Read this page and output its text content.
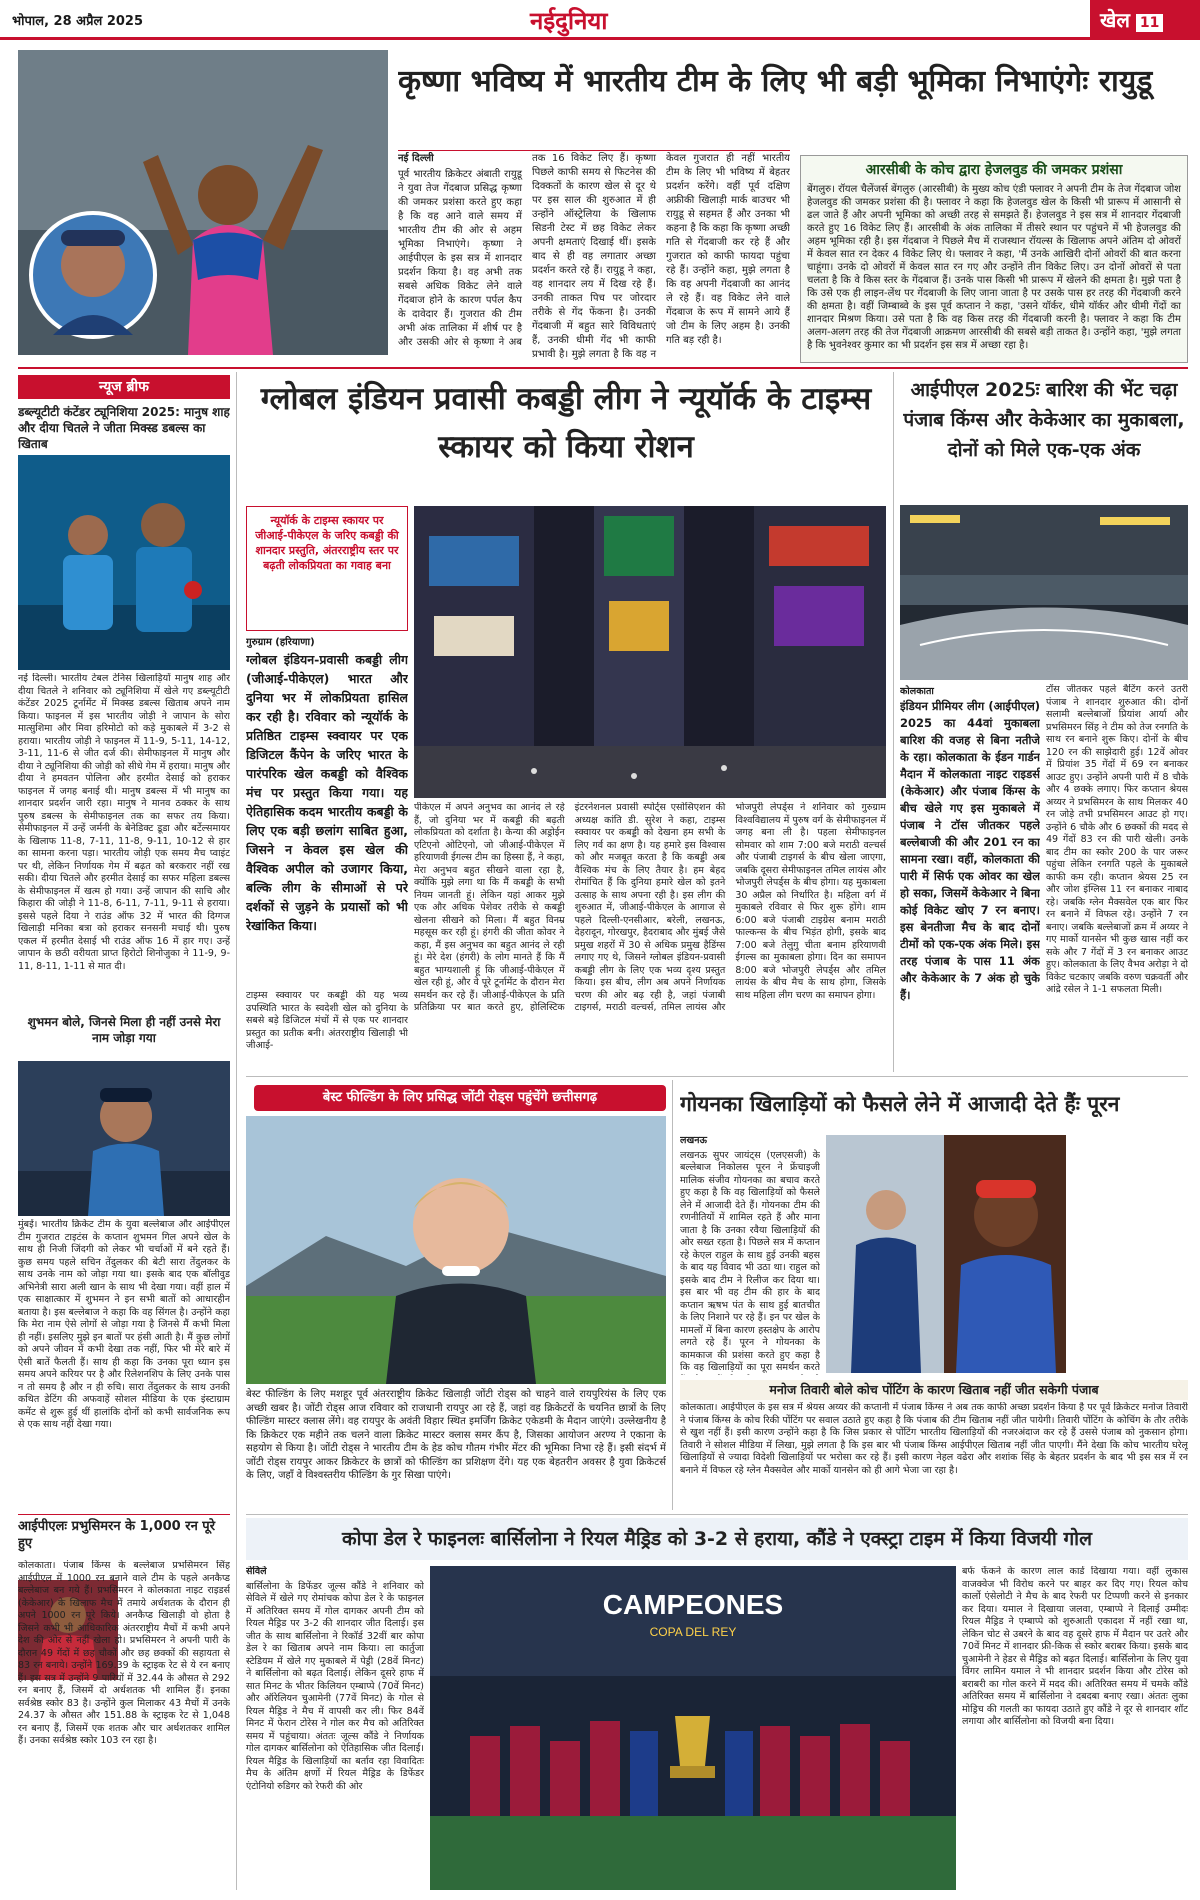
भोपाल, 28 अप्रैल 2025	नईदुनिया	खेल 11
कृष्णा भविष्य में भारतीय टीम के लिए भी बड़ी भूमिका निभाएंगेः रायुडू

नई दिल्ली

पूर्व भारतीय क्रिकेटर अंबाती रायुडू ने युवा तेज गेंदबाज प्रसिद्ध कृष्णा की जमकर प्रशंसा करते हुए कहा है कि वह आने वाले समय में भारतीय टीम की ओर से अहम भूमिका निभाएंगे। कृष्णा ने आईपीएल के इस सत्र में शानदार प्रदर्शन किया है। वह अभी तक सबसे अधिक विकेट लेने वाले गेंदबाज होने के कारण पर्पल कैप के दावेदार हैं। गुजरात की टीम अभी अंक तालिका में शीर्ष पर है और उसकी ओर से कृष्णा ने अब तक 16 विकेट लिए हैं। कृष्णा पिछले काफी समय से फिटनेस की दिक्कतों के कारण खेल से दूर थे पर इस साल की शुरुआत में ही उन्होंने ऑस्ट्रेलिया के खिलाफ सिडनी टेस्ट में छह विकेट लेकर अपनी क्षमताएं दिखाई थीं। इसके बाद से ही वह लगातार अच्छा प्रदर्शन करते रहे हैं। रायुडू ने कहा, वह शानदार लय में दिख रहे हैं। उनकी ताकत पिच पर जोरदार तरीके से गेंद फेंकना है। उनकी गेंदबाजी में बहुत सारे विविधताएं हैं, उनकी धीमी गेंद भी काफी प्रभावी है। मुझे लगता है कि वह न केवल गुजरात ही नहीं भारतीय टीम के लिए भी भविष्य में बेहतर प्रदर्शन करेंगे। वहीं पूर्व दक्षिण अफ्रीकी खिलाड़ी मार्क बाउचर भी रायुडू से सहमत हैं और उनका भी कहना है कि कहा कि कृष्णा अच्छी गति से गेंदबाजी कर रहे हैं और गुजरात को काफी फायदा पहुंचा रहे हैं। उन्होंने कहा, मुझे लगता है कि वह अपनी गेंदबाजी का आनंद ले रहे हैं। वह विकेट लेने वाले गेंदबाज के रूप में सामने आये हैं जो टीम के लिए अहम है। उनकी गति बड़ रही है।

आरसीबी के कोच द्वारा हेजलवुड की जमकर प्रशंसा
बेंगलुरु। रॉयल चैलेंजर्स बेंगलुरु (आरसीबी) के मुख्य कोच एंडी फ्लावर ने अपनी टीम के तेज गेंदबाज जोश हेजलवुड की जमकर प्रशंसा की है। फ्लावर ने कहा कि हेजलवुड खेल के किसी भी प्रारूप में आसानी से ढल जाते हैं और अपनी भूमिका को अच्छी तरह से समझते हैं। हेजलवुड ने इस सत्र में शानदार गेंदबाजी करते हुए 16 विकेट लिए हैं। आरसीबी के अंक तालिका में तीसरे स्थान पर पहुंचने में भी हेजलवुड की अहम भूमिका रही है। इस गेंदबाज ने पिछले मैच में राजस्थान रॉयल्स के खिलाफ अपने अंतिम दो ओवरों में केवल सात रन देकर 4 विकेट लिए थे। फ्लावर ने कहा, 'मैं उनके आखिरी दोनों ओवरों की बात करना चाहूंगा। उनके दो ओवरों में केवल सात रन गए और उन्होंने तीन विकेट लिए। उन दोनों ओवरों से पता चलता है कि वे किस स्तर के गेंदबाज हैं। उनके पास किसी भी प्रारूप में खेलने की क्षमता है। मुझे पता है कि उसे एक ही लाइन-लेंथ पर गेंदबाजी के लिए जाना जाता है पर उसके पास हर तरह की गेंदबाजी करने की क्षमता है। वहीं जिम्बाब्वे के इस पूर्व कप्तान ने कहा, 'उसने यॉर्कर, धीमे यॉर्कर और धीमी गेंदों का शानदार मिश्रण किया। उसे पता है कि वह किस तरह की गेंदबाजी करनी है। फ्लावर ने कहा कि टीम अलग-अलग तरह की तेज गेंदबाजी आक्रमण आरसीबी की सबसे बड़ी ताकत है। उन्होंने कहा, 'मुझे लगता है कि भुवनेश्वर कुमार का भी प्रदर्शन इस सत्र में अच्छा रहा है।
न्यूज ब्रीफ
डब्ल्यूटीटी कंटेंडर ट्यूनिशिया 2025: मानुष शाह और दीया चितले ने जीता मिक्स्ड डबल्स का खिताब

नई दिल्ली। भारतीय टेबल टेनिस खिलाड़ियों मानुष शाह और दीया चितले ने शनिवार को ट्यूनिशिया में खेले गए डब्ल्यूटीटी कंटेंडर 2025 टूर्नामेंट में मिक्स्ड डबल्स खिताब अपने नाम किया। फाइनल में इस भारतीय जोड़ी ने जापान के सोरा मात्सुशिमा और मिवा हरिमोटो को कड़े मुकाबले में 3-2 से हराया। भारतीय जोड़ी ने फाइनल में 11-9, 5-11, 14-12, 3-11, 11-6 से जीत दर्ज की। सेमीफाइनल में मानुष और दीया ने ट्यूनिशिया की जोड़ी को सीधे गेम में हराया। मानुष और दीया ने हमवतन पोलिना और हरमीत देसाई को हराकर फाइनल में जगह बनाई थी। मानुष डबल्स में भी मानुष का शानदार प्रदर्शन जारी रहा। मानुष ने मानव ठक्कर के साथ पुरुष डबल्स के सेमीफाइनल तक का सफर तय किया। सेमीफाइनल में उन्हें जर्मनी के बेनेडिक्ट डूडा और बर्टेल्समायर के खिलाफ 11-8, 7-11, 11-8, 9-11, 10-12 से हार का सामना करना पड़ा। भारतीय जोड़ी एक समय मैच प्वाइंट पर थी, लेकिन निर्णायक गेम में बढ़त को बरकरार नहीं रख सकी। दीया चितले और हरमीत देसाई का सफर महिला डबल्स के सेमीफाइनल में खत्म हो गया। उन्हें जापान की साचि और किहारा की जोड़ी ने 11-8, 6-11, 7-11, 9-11 से हराया। इससे पहले दिया ने राउंड ऑफ 32 में भारत की दिग्गज खिलाड़ी मनिका बत्रा को हराकर सनसनी मचाई थी। पुरुष एकल में हरमीत देसाई भी राउंड ऑफ 16 में हार गए। उन्हें जापान के छठी वरीयता प्राप्त हिरोटो शिनोजुका ने 11-9, 9-11, 8-11, 1-11 से मात दी।

शुभमन बोले, जिनसे मिला ही नहीं उनसे मेरा नाम जोड़ा गया

मुंबई। भारतीय क्रिकेट टीम के युवा बल्लेबाज और आईपीएल टीम गुजरात टाइटंस के कप्तान शुभमन गिल अपने खेल के साथ ही निजी जिंदगी को लेकर भी चर्चाओं में बने रहते हैं। कुछ समय पहले सचिन तेंदुलकर की बेटी सारा तेंदुलकर के साथ उनके नाम को जोड़ा गया था। इसके बाद एक बॉलीवुड अभिनेत्री सारा अली खान के साथ भी देखा गया। वहीं हाल में एक साक्षात्कार में शुभमन ने इन सभी बातों को आधारहीन बताया है। इस बल्लेबाज ने कहा कि वह सिंगल है। उन्होंने कहा कि मेरा नाम ऐसे लोगों से जोड़ा गया है जिनसे मैं कभी मिला ही नहीं। इसलिए मुझे इन बातों पर हंसी आती है। मैं कुछ लोगों को अपने जीवन में कभी देखा तक नहीं, फिर भी मेरे बारे में ऐसी बातें फैलती हैं। साथ ही कहा कि उनका पूरा ध्यान इस समय अपने करियर पर है और रिलेशनशिप के लिए उनके पास न तो समय है और न ही रुचि। सारा तेंदुलकर के साथ उनकी कथित डेटिंग की अफवाहें सोशल मीडिया के एक इंस्टाग्राम कमेंट से शुरू हुई थीं हालांकि दोनों को कभी सार्वजनिक रूप से एक साथ नहीं देखा गया।

आईपीएलः प्रभुसिमरन के 1,000 रन पूरे हुए

कोलकाता। पंजाब किंग्स के बल्लेबाज प्रभसिमरन सिंह आईपीएल में 1000 रन बनाने वाले टीम के पहले अनकैप्ड बल्लेबाज बन गये हैं। प्रभसिमरन ने कोलकाता नाइट राइडर्स (केकेआर) के खिलाफ मैच में तमाये अर्धशतक के दौरान ही अपने 1000 रन पूरे किये। अनकैप्ड खिलाड़ी वो होता है जिसने कभी भी आधिकारिक अंतरराष्ट्रीय मैचों में कभी अपने देश की ओर से नहीं खेला हो। प्रभसिमरन ने अपनी पारी के दौरान 49 गेंदों में छह चौकों और छह छक्कों की सहायता से 83 रन बनाये। उन्होंने 169.39 के स्ट्राइक रेट से ये रन बनाए हैं। इस सत्र में उन्होंने 9 पारियों में 32.44 के औसत से 292 रन बनाए हैं, जिसमें दो अर्धशतक भी शामिल हैं। इनका सर्वश्रेष्ठ स्कोर 83 है। उन्होंने कुल मिलाकर 43 मैचों में उनके 24.37 के औसत और 151.88 के स्ट्राइक रेट से 1,048 रन बनाए हैं, जिसमें एक शतक और चार अर्धशतकर शामिल हैं। उनका सर्वश्रेष्ठ स्कोर 103 रन रहा है।

ग्लोबल इंडियन प्रवासी कबड्डी लीग ने न्यूयॉर्क के टाइम्स स्कायर को किया रोशन
न्यूयॉर्क के टाइम्स स्कायर पर जीआई-पीकेएल के जरिए कबड्डी की शानदार प्रस्तुति, अंतरराष्ट्रीय स्तर पर बढ़ती लोकप्रियता का गवाह बना
गुरुग्राम (हरियाणा)
ग्लोबल इंडियन-प्रवासी कबड्डी लीग (जीआई-पीकेएल) भारत और दुनिया भर में लोकप्रियता हासिल कर रही है। रविवार को न्यूयॉर्क के प्रतिष्ठित टाइम्स स्क्वायर पर एक डिजिटल कैंपेन के जरिए भारत के पारंपरिक खेल कबड्डी को वैश्विक मंच पर प्रस्तुत किया गया। यह ऐतिहासिक कदम भारतीय कबड्डी के लिए एक बड़ी छलांग साबित हुआ, जिसने न केवल इस खेल की वैश्विक अपील को उजागर किया, बल्कि लीग के सीमाओं से परे दर्शकों से जुड़ने के प्रयासों को भी रेखांकित किया।

टाइम्स स्क्वायर पर कबड्डी की यह भव्य उपस्थिति भारत के स्वदेशी खेल को दुनिया के सबसे बड़े डिजिटल मंचों में से एक पर शानदार प्रस्तुत का प्रतीक बनी। अंतरराष्ट्रीय खिलाड़ी भी जीआई-

पीकेएल में अपने अनुभव का आनंद ले रहे हैं, जो दुनिया भर में कबड्डी की बढ़ती लोकप्रियता को दर्शाता है। केन्या की अड्रोईन एटिएनो ओटिएनो, जो जीआई-पीकेएल में हरियाणवी ईगल्स टीम का हिस्सा हैं, ने कहा, मेरा अनुभव बहुत सीखने वाला रहा है, क्योंकि मुझे लगा था कि मैं कबड्डी के सभी नियम जानती हूं। लेकिन यहां आकर मुझे एक और अधिक पेशेवर तरीके से कबड्डी खेलना सीखने को मिला। मैं बहुत विनम्र महसूस कर रही हूं। हंगरी की जीता कोवर ने कहा, मैं इस अनुभव का बहुत आनंद ले रही हूं। मेरे देश (हंगरी) के लोग मानते हैं कि मैं बहुत भाग्यशाली हूं कि जीआई-पीकेएल में खेल रही हूं, और वे पूरे टूर्नामेंट के दौरान मेरा समर्थन कर रहे हैं। जीआई-पीकेएल के प्रति प्रतिक्रिया पर बात करते हुए, होलिस्टिक इंटरनेशनल प्रवासी स्पोर्ट्स एसोसिएशन की अध्यक्ष कांति डी. सुरेश ने कहा, टाइम्स स्क्वायर पर कबड्डी को देखना हम सभी के लिए गर्व का क्षण है। यह हमारे इस विश्वास को और मजबूत करता है कि कबड्डी अब वैश्विक मंच के लिए तैयार है। हम बेहद रोमांचित हैं कि दुनिया हमारे खेल को इतने उत्साह के साथ अपना रही है। इस लीग की शुरुआत में, जीआई-पीकेएल के आगाज से पहले दिल्ली-एनसीआर, बरेली, लखनऊ, देहरादून, गोरखपुर, हैदराबाद और मुंबई जैसे प्रमुख शहरों में 30 से अधिक प्रमुख हैडिंग्स लगाए गए थे, जिसने ग्लोबल इंडियन-प्रवासी कबड्डी लीग के लिए एक भव्य दृश्य प्रस्तुत किया। इस बीच, लीग अब अपने निर्णायक चरण की ओर बढ़ रही है, जहां पंजाबी टाइगर्स, मराठी वल्चर्स, तमिल लायंस और भोजपुरी लेपर्ड्स ने शनिवार को गुरुग्राम विश्वविद्यालय में पुरुष वर्ग के सेमीफाइनल में जगह बना ली है। पहला सेमीफाइनल सोमवार को शाम 7:00 बजे मराठी वल्चर्स और पंजाबी टाइगर्स के बीच खेला जाएगा, जबकि दूसरा सेमीफाइनल तमिल लायंस और भोजपुरी लेपर्ड्स के बीच होगा। यह मुकाबला 30 अप्रैल को निर्धारित है। महिला वर्ग में मुकाबले रविवार से फिर शुरू होंगे। शाम 6:00 बजे पंजाबी टाइग्रेस बनाम मराठी फाल्कन्स के बीच भिड़ंत होगी, इसके बाद 7:00 बजे तेलुगु चीता बनाम हरियाणवी ईगल्स का मुकाबला होगा। दिन का समापन 8:00 बजे भोजपुरी लेपर्ड्स और तमिल लायंस के बीच मैच के साथ होगा, जिसके साथ महिला लीग चरण का समापन होगा।

आईपीएल 2025ः बारिश की भेंट चढ़ा पंजाब किंग्स और केकेआर का मुकाबला, दोनों को मिले एक-एक अंक
कोलकाता
इंडियन प्रीमियर लीग (आईपीएल) 2025 का 44वां मुकाबला बारिश की वजह से बिना नतीजे के रहा। कोलकाता के ईडन गार्डन मैदान में कोलकाता नाइट राइडर्स (केकेआर) और पंजाब किंग्स के बीच खेले गए इस मुकाबले में पंजाब ने टॉस जीतकर पहले बल्लेबाजी की और 201 रन का सामना रखा। वहीं, कोलकाता की पारी में सिर्फ एक ओवर का खेल हो सका, जिसमें केकेआर ने बिना कोई विकेट खोए 7 रन बनाए। इस बेनतीजा मैच के बाद दोनों टीमों को एक-एक अंक मिले। इस तरह पंजाब के पास 11 अंक और केकेआर के 7 अंक हो चुके हैं।

टॉस जीतकर पहले बैटिंग करने उतरी पंजाब ने शानदार शुरुआत की। दोनों सलामी बल्लेबाजों प्रियांश आर्या और प्रभसिमरन सिंह ने टीम को तेज रनगति के साथ रन बनाने शुरू किए। दोनों के बीच 120 रन की साझेदारी हुई। 12वें ओवर में प्रियांश 35 गेंदों में 69 रन बनाकर आउट हुए। उन्होंने अपनी पारी में 8 चौके और 4 छक्के लगाए। फिर कप्तान श्रेयस अय्यर ने प्रभसिमरन के साथ मिलकर 40 रन जोड़े तभी प्रभसिमरन आउट हो गए। उन्होंने 6 चौके और 6 छक्कों की मदद से 49 गेंदों 83 रन की पारी खेली। उनके बाद टीम का स्कोर 200 के पार जरूर पहुंचा लेकिन रनगति पहले के मुकाबले काफी कम रही। कप्तान श्रेयस 25 रन और जोश इंग्लिस 11 रन बनाकर नाबाद रहे। जबकि ग्लेन मैक्सवेल एक बार फिर रन बनाने में विफल रहे। उन्होंने 7 रन बनाए। जबकि बल्लेबाजों क्रम में अय्यर ने गए मार्को यानसेन भी कुछ खास नहीं कर सके और 7 गेंदों में 3 रन बनाकर आउट हुए। कोलकाता के लिए वैभव अरोड़ा ने दो विकेट चटकाए जबकि वरुण चक्रवर्ती और आंद्रे रसेल ने 1-1 सफलता मिली।

बेस्ट फील्डिंग के लिए प्रसिद्ध जोंटी रोड्स पहुंचेंगे छत्तीसगढ़

बेस्ट फील्डिंग के लिए मशहूर पूर्व अंतरराष्ट्रीय क्रिकेट खिलाड़ी जोंटी रोड्स को चाहने वाले रायपुरियंस के लिए एक अच्छी खबर है। जोंटी रोड्स आज रविवार को राजधानी रायपुर आ रहे हैं, जहां वह क्रिकेटरों के चयनित छात्रों के लिए फील्डिंग मास्टर क्लास लेंगे। वह रायपुर के अवंती विहार स्थित इमर्जिंग क्रिकेट एकेडमी के मैदान जाएंगे। उल्लेखनीय है कि क्रिकेटर एक महीने तक चलने वाला क्रिकेट मास्टर क्लास समर कैंप है, जिसका आयोजन अरण्य ने एकाना के सहयोग से किया है। जोंटी रोड्स ने भारतीय टीम के हेड कोच गौतम गंभीर मेंटर की भूमिका निभा रहे हैं। इसी संदर्भ में जोंटी रोड्स रायपुर आकर क्रिकेटर के छात्रों को फील्डिंग का प्रशिक्षण देंगे। यह एक बेहतरीन अवसर है युवा क्रिकेटर्स के लिए, जहाँ वे विश्वस्तरीय फील्डिंग के गुर सिखा पाएंगे।

गोयनका खिलाड़ियों को फैसले लेने में आजादी देते हैंः पूरन

लखनऊ

लखनऊ सुपर जायंट्स (एलएसजी) के बल्लेबाज निकोलस पूरन ने फ्रेंचाइजी मालिक संजीव गोयनका का बचाव करते हुए कहा है कि वह खिलाड़ियों को फैसले लेने में आजादी देते हैं। गोयनका टीम की रणनीतियों में शामिल रहते हैं और माना जाता है कि उनका रवैया खिलाड़ियों की ओर सख्त रहता है। पिछले सत्र में कप्तान रहे केएल राहुल के साथ हुई उनकी बहस के बाद यह विवाद भी उठा था। राहुल को इसके बाद टीम ने रिलीज कर दिया था। इस बार भी वह टीम की हार के बाद कप्तान ऋषभ पंत के साथ हुई बातचीत के लिए निशाने पर रहे हैं। इन पर खेल के मामलों में बिना कारण हस्तक्षेप के आरोप लगते रहे हैं। पूरन ने गोयनका के कामकाज की प्रशंसा करते हुए कहा है कि वह खिलाड़ियों का पूरा समर्थन करते

मनोज तिवारी बोले कोच पोंटिंग के कारण खिताब नहीं जीत सकेगी पंजाब

कोलकाता। आईपीएल के इस सत्र में श्रेयस अय्यर की कप्तानी में पंजाब किंग्स ने अब तक काफी अच्छा प्रदर्शन किया है पर पूर्व क्रिकेटर मनोज तिवारी ने पंजाब किंग्स के कोच रिकी पोंटिंग पर सवाल उठाते हुए कहा है कि पंजाब की टीम खिताब नहीं जीत पायेगी। तिवारी पोंटिंग के कोचिंग के तौर तरीके से खुश नहीं हैं। इसी कारण उन्होंने कहा है कि जिस प्रकार से पोंटिंग भारतीय खिलाड़ियों की नजरअंदाज कर रहे हैं उससे पंजाब को नुकसान होगा। तिवारी ने सोशल मीडिया में लिखा, मुझे लगता है कि इस बार भी पंजाब किंग्स आईपीएल खिताब नहीं जीत पाएगी। मैंने देखा कि कोच भारतीय घरेलू खिलाड़ियों से ज्यादा विदेशी खिलाड़ियों पर भरोसा कर रहे हैं। इसी कारण नेहल वढेरा और शशांक सिंह के बेहतर प्रदर्शन के बाद भी इस सत्र में रन बनाने में विफल रहे ग्लेन मैक्सवेल और मार्को यानसेन को ही आगे भेजा जा रहा है।

कोपा डेल रे फाइनलः बार्सिलोना ने रियल मैड्रिड को 3-2 से हराया, कौंडे ने एक्स्ट्रा टाइम में किया विजयी गोल

सेविले

बार्सिलोना के डिफेंडर जूल्स कौंडे ने शनिवार को सेविले में खेले गए रोमांचक कोपा डेल रे के फाइनल में अतिरिक्त समय में गोल दागकर अपनी टीम को रियल मैड्रिड पर 3-2 की शानदार जीत दिलाई। इस जीत के साथ बार्सिलोना ने रिकॉर्ड 32वीं बार कोपा डेल रे का खिताब अपने नाम किया। ला कार्तुजा स्टेडियम में खेले गए मुकाबले में पेड्री (28वें मिनट) ने बार्सिलोना को बढ़त दिलाई। लेकिन दूसरे हाफ में सात मिनट के भीतर किलियन एम्बाप्पे (70वें मिनट) और ऑरेलियन चुआमेनी (77वें मिनट) के गोल से रियल मैड्रिड ने मैच में वापसी कर ली। फिर 84वें मिनट में फेरान टोरेस ने गोल कर मैच को अतिरिक्त समय में पहुंचाया। अंततः जूल्स कौंडे ने निर्णायक गोल दागकर बार्सिलोना को ऐतिहासिक जीत दिलाई। रियल मैड्रिड के खिलाड़ियों का बर्ताव रहा विवादितः मैच के अंतिम क्षणों में रियल मैड्रिड के डिफेंडर एंटोनियो रुडिगर को रेफरी की ओर

CAMPEONES
COPA DEL REY

बर्फ फेंकने के कारण लाल कार्ड दिखाया गया। वहीं लुकास वाजक्वेज भी विरोध करने पर बाहर कर दिए गए। रियल कोच कार्लो एंसेलोटी ने मैच के बाद रेफरी पर टिप्पणी करने से इनकार कर दिया। यमाल ने दिखाया जलवा, एम्बाप्पे ने दिलाई उम्मीदः रियल मैड्रिड ने एम्बाप्पे को शुरुआती एकादश में नहीं रखा था, लेकिन चोट से उबरने के बाद वह दूसरे हाफ में मैदान पर उतरे और 70वें मिनट में शानदार फ्री-किक से स्कोर बराबर किया। इसके बाद चुआमेनी ने हेडर से मैड्रिड को बढ़त दिलाई। बार्सिलोना के लिए युवा विंगर लामिन यमाल ने भी शानदार प्रदर्शन किया और टोरेस को बराबरी का गोल करने में मदद की। अतिरिक्त समय में चमके कौंडे अतिरिक्त समय में बार्सिलोना ने दबदबा बनाए रखा। अंततः लुका मोड्रिच की गलती का फायदा उठाते हुए कौंडे ने दूर से शानदार शॉट लगाया और बार्सिलोना को विजयी बना दिया।
